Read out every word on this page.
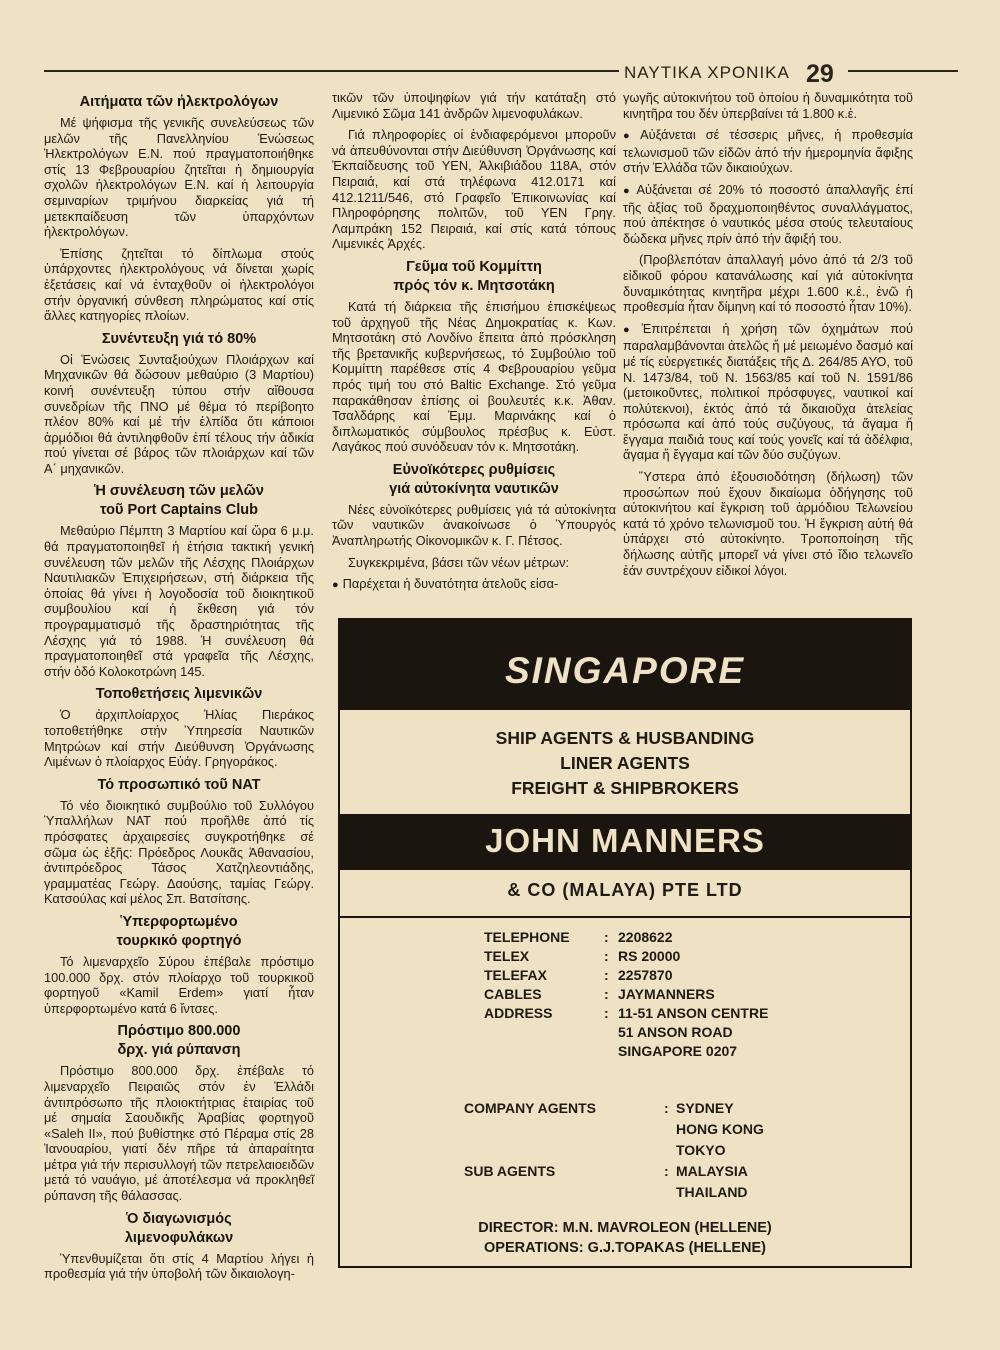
ΝΑΥΤΙΚΑ ΧΡΟΝΙΚΑ 29
Αιτήματα τῶν ἠλεκτρολόγων

Μέ ψήφισμα τῆς γενικῆς συνελεύσεως τῶν μελῶν τῆς Πανελληνίου Ἑνώσεως Ἡλεκτρολόγων Ε.Ν. πού πραγματοποιήθηκε στίς 13 Φεβρουαρίου ζητεῖται ἡ δημιουργία σχολῶν ἠλεκτρολόγων Ε.Ν. καί ἡ λειτουργία σεμιναρίων τριμήνου διαρκείας γιά τή μετεκπαίδευση τῶν ὑπαρχόντων ἠλεκτρολόγων.

Ἐπίσης ζητεῖται τό δίπλωμα στούς ὑπάρχοντες ἠλεκτρολόγους νά δίνεται χωρίς ἐξετάσεις καί νά ἐνταχθοῦν οἱ ἠλεκτρολόγοι στήν ὀργανική σύνθεση πληρώματος καί στίς ἄλλες κατηγορίες πλοίων.

Συνέντευξη γιά τό 80%

Οἱ Ἑνώσεις Συνταξιούχων Πλοιάρχων καί Μηχανικῶν θά δώσουν μεθαύριο (3 Μαρτίου) κοινή συνέντευξη τύπου στήν αἴθουσα συνεδρίων τῆς ΠΝΟ μέ θέμα τό περίβοητο πλέον 80% καί μέ τήν ἐλπίδα ὅτι κάποιοι ἁρμόδιοι θά ἀντιληφθοῦν ἐπί τέλους τήν ἀδικία πού γίνεται σέ βάρος τῶν πλοιάρχων καί τῶν Α΄ μηχανικῶν.

Ἡ συνέλευση τῶν μελῶν
τοῦ Port Captains Club

Μεθαύριο Πέμπτη 3 Μαρτίου καί ὥρα 6 μ.μ. θά πραγματοποιηθεῖ ἡ ἐτήσια τακτική γενική συνέλευση τῶν μελῶν τῆς Λέσχης Πλοιάρχων Ναυτιλιακῶν Ἐπιχειρήσεων, στή διάρκεια τῆς ὁποίας θά γίνει ἡ λογοδοσία τοῦ διοικητικοῦ συμβουλίου καί ἡ ἔκθεση γιά τόν προγραμματισμό τῆς δραστηριότητας τῆς Λέσχης γιά τό 1988. Ἡ συνέλευση θά πραγματοποιηθεῖ στά γραφεῖα τῆς Λέσχης, στήν ὁδό Κολοκοτρώνη 145.

Τοποθετήσεις λιμενικῶν

Ὁ ἀρχιπλοίαρχος Ἠλίας Πιεράκος τοποθετήθηκε στήν Ὑπηρεσία Ναυτικῶν Μητρώων καί στήν Διεύθυνση Ὀργάνωσης Λιμένων ὁ πλοίαρχος Εὐάγ. Γρηγοράκος.

Τό προσωπικό τοῦ ΝΑΤ

Τό νέο διοικητικό συμβούλιο τοῦ Συλλόγου Ὑπαλλήλων ΝΑΤ πού προῆλθε ἀπό τίς πρόσφατες ἀρχαιρεσίες συγκροτήθηκε σέ σῶμα ὡς ἐξῆς: Πρόεδρος Λουκᾶς Ἀθανασίου, ἀντιπρόεδρος Τάσος Χατζηλεοντιάδης, γραμματέας Γεώργ. Δαούσης, ταμίας Γεώργ. Κατσούλας καί μέλος Σπ. Βατσίτσης.

Ὑπερφορτωμένο
τουρκικό φορτηγό

Τό λιμεναρχεῖο Σύρου ἐπέβαλε πρόστιμο 100.000 δρχ. στόν πλοίαρχο τοῦ τουρκικοῦ φορτηγοῦ «Kamil Erdem» γιατί ἦταν ὑπερφορτωμένο κατά 6 ἴντσες.

Πρόστιμο 800.000
δρχ. γιά ρύπανση

Πρόστιμο 800.000 δρχ. ἐπέβαλε τό λιμεναρχεῖο Πειραιῶς στόν ἐν Ἑλλάδι ἀντιπρόσωπο τῆς πλοιοκτήτριας ἑταιρίας τοῦ μέ σημαία Σαουδικῆς Ἀραβίας φορτηγοῦ «Saleh II», πού βυθίστηκε στό Πέραμα στίς 28 Ἰανουαρίου, γιατί δέν πῆρε τά ἀπαραίτητα μέτρα γιά τήν περισυλλογή τῶν πετρελαιοειδῶν μετά τό ναυάγιο, μέ ἀποτέλεσμα νά προκληθεῖ ρύπανση τῆς θάλασσας.

Ὁ διαγωνισμός
λιμενοφυλάκων

Ὑπενθυμίζεται ὅτι στίς 4 Μαρτίου λήγει ἡ προθεσμία γιά τήν ὑποβολή τῶν δικαιολογη-

τικῶν τῶν ὑποψηφίων γιά τήν κατάταξη στό Λιμενικό Σῶμα 141 ἀνδρῶν λιμενοφυλάκων.

Γιά πληροφορίες οἱ ἐνδιαφερόμενοι μποροῦν νά ἀπευθύνονται στήν Διεύθυνση Ὀργάνωσης καί Ἐκπαίδευσης τοῦ ΥΕΝ, Ἀλκιβιάδου 118Α, στόν Πειραιά, καί στά τηλέφωνα 412.0171 καί 412.1211/546, στό Γραφεῖο Ἐπικοινωνίας καί Πληροφόρησης πολιτῶν, τοῦ ΥΕΝ Γρηγ. Λαμπράκη 152 Πειραιά, καί στίς κατά τόπους Λιμενικές Ἀρχές.

Γεῦμα τοῦ Κομμίττη
πρός τόν κ. Μητσοτάκη

Κατά τή διάρκεια τῆς ἐπισήμου ἐπισκέψεως τοῦ ἀρχηγοῦ τῆς Νέας Δημοκρατίας κ. Κων. Μητσοτάκη στό Λονδίνο ἔπειτα ἀπό πρόσκληση τῆς βρετανικῆς κυβερνήσεως, τό Συμβούλιο τοῦ Κομμίττη παρέθεσε στίς 4 Φεβρουαρίου γεῦμα πρός τιμή του στό Baltic Exchange. Στό γεῦμα παρακάθησαν ἐπίσης οἱ βουλευτές κ.κ. Ἀθαν. Τσαλδάρης καί Ἐμμ. Μαρινάκης καί ὁ διπλωματικός σύμβουλος πρέσβυς κ. Εὐστ. Λαγάκος πού συνόδευαν τόν κ. Μητσοτάκη.

Εὐνοϊκότερες ρυθμίσεις
γιά αὐτοκίνητα ναυτικῶν

Νέες εὐνοϊκότερες ρυθμίσεις γιά τά αὐτοκίνητα τῶν ναυτικῶν ἀνακοίνωσε ὁ Ὑπουργός Ἀναπληρωτής Οἰκονομικῶν κ. Γ. Πέτσος.

Συγκεκριμένα, βάσει τῶν νέων μέτρων:

● Παρέχεται ἡ δυνατότητα ἀτελοῦς εἰσα-

γωγῆς αὐτοκινήτου τοῦ ὁποίου ἡ δυναμικότητα τοῦ κινητῆρα του δέν ὑπερβαίνει τά 1.800 κ.ἑ.

● Αὐξάνεται σέ τέσσερις μῆνες, ἡ προθεσμία τελωνισμοῦ τῶν εἰδῶν ἀπό τήν ἡμερομηνία ἄφιξης στήν Ἑλλάδα τῶν δικαιούχων.

● Αὐξάνεται σέ 20% τό ποσοστό ἀπαλλαγῆς ἐπί τῆς ἀξίας τοῦ δραχμοποιηθέντος συναλλάγματος, πού ἀπέκτησε ὁ ναυτικός μέσα στούς τελευταίους δώδεκα μῆνες πρίν ἀπό τήν ἄφιξή του.

(Προβλεπόταν ἀπαλλαγή μόνο ἀπό τά 2/3 τοῦ εἰδικοῦ φόρου κατανάλωσης καί γιά αὐτοκίνητα δυναμικότητας κινητῆρα μέχρι 1.600 κ.ἑ., ἐνῶ ἡ προθεσμία ἦταν δίμηνη καί τό ποσοστό ἦταν 10%).

● Ἐπιτρέπεται ἡ χρήση τῶν ὀχημάτων πού παραλαμβάνονται ἀτελῶς ἤ μέ μειωμένο δασμό καί μέ τίς εὐεργετικές διατάξεις τῆς Δ. 264/85 ΑΥΟ, τοῦ Ν. 1473/84, τοῦ Ν. 1563/85 καί τοῦ Ν. 1591/86 (μετοικοῦντες, πολιτικοί πρόσφυγες, ναυτικοί καί πολύτεκνοι), ἐκτός ἀπό τά δικαιοῦχα ἀτελείας πρόσωπα καί ἀπό τούς συζύγους, τά ἄγαμα ἤ ἔγγαμα παιδιά τους καί τούς γονεῖς καί τά ἀδέλφια, ἄγαμα ἤ ἔγγαμα καί τῶν δύο συζύγων.

Ὕστερα ἀπό ἐξουσιοδότηση (δήλωση) τῶν προσώπων πού ἔχουν δικαίωμα ὁδήγησης τοῦ αὐτοκινήτου καί ἔγκριση τοῦ ἁρμόδιου Τελωνείου κατά τό χρόνο τελωνισμοῦ του. Ἡ ἔγκριση αὐτή θά ὑπάρχει στό αὐτοκίνητο. Τροποποίηση τῆς δήλωσης αὐτῆς μπορεῖ νά γίνει στό ἴδιο τελωνεῖο ἐάν συντρέχουν εἰδικοί λόγοι.

SINGAPORE
SHIP AGENTS & HUSBANDING
LINER AGENTS
FREIGHT & SHIPBROKERS
JOHN MANNERS
& CO (MALAYA) PTE LTD
TELEPHONE	: 2208622
TELEX	: RS 20000
TELEFAX	: 2257870
CABLES	: JAYMANNERS
ADDRESS	: 11-51 ANSON CENTRE
51 ANSON ROAD
SINGAPORE 0207
COMPANY AGENTS	: SYDNEY
HONG KONG
TOKYO
SUB AGENTS	: MALAYSIA
THAILAND
DIRECTOR: M.N. MAVROLEON (HELLENE)
OPERATIONS: G.J.TOPAKAS (HELLENE)
